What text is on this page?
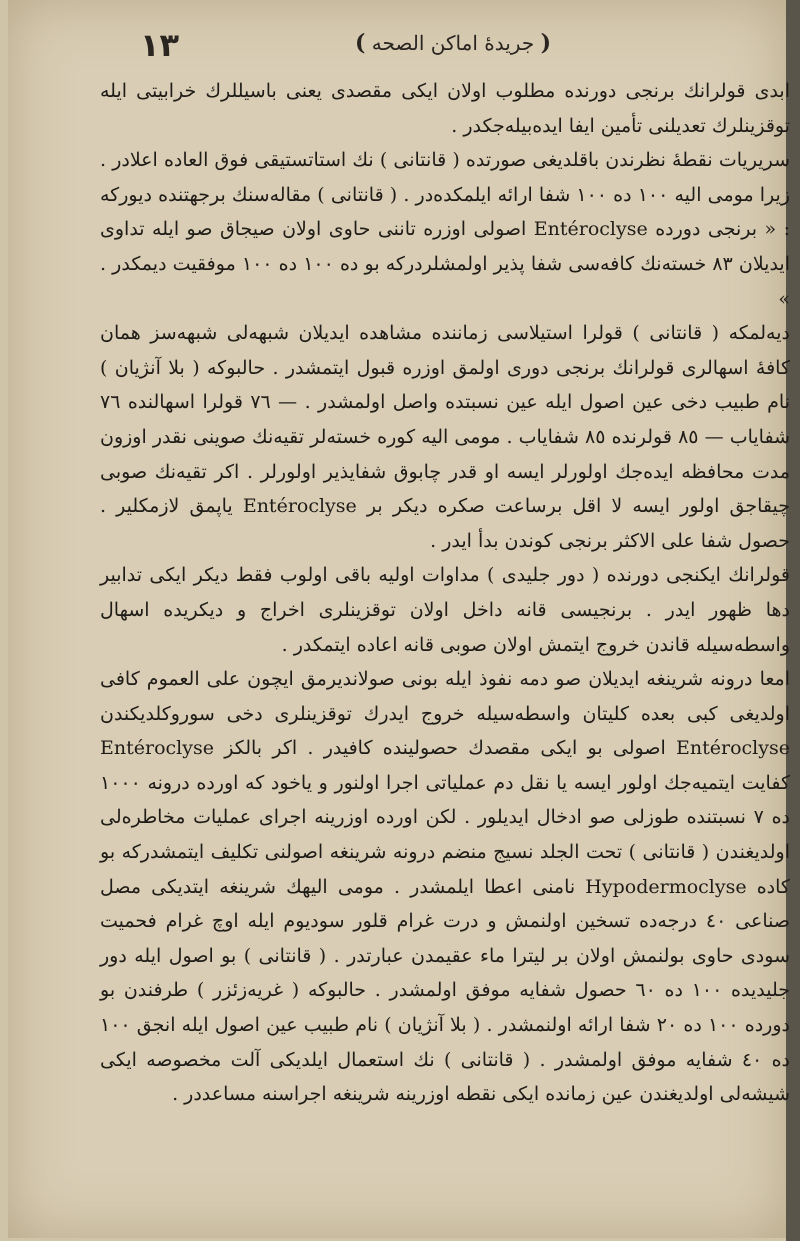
١٣	( جريدهٔ اماكن الصحه )

ابدی قولرانك برنجی دورنده مطلوب اولان ایکی مقصدی یعنی باسیللرك خرابیتی ایله توقزینلرك تعدیلنی تأمین ایفا ایده‌بیله‌جکدر .

سریریات نقطهٔ نظرندن باقلدیغی صورتده ( قانتانی ) نك استاتستیقی فوق العاده اعلادر . زیرا مومی الیه ١٠٠ ده ١٠٠ شفا ارائه ایلمکده‌در . ( قانتانی ) مقاله‌سنك برجهتنده دیورکه : « برنجی دورده Entéroclyse اصولی اوزره تاننی حاوی اولان صیجاق صو ایله تداوی ایدیلان ٨٣ خسته‌نك کافه‌سی شفا پذیر اولمشلردرکه بو ده ١٠٠ ده ١٠٠ موفقیت دیمکدر . »

دیه‌لمکه ( قانتانی ) قولرا استیلاسی زماننده مشاهده ایدیلان شبهه‌لی شبهه‌سز همان کافهٔ اسهالری قولرانك برنجی دوری اولمق اوزره قبول ایتمشدر . حالبوکه ( بلا آنژیان ) نام طبیب دخی عین اصول ایله عین نسبتده واصل اولمشدر . — ٧٦ قولرا اسهالنده ٧٦ شفایاب — ٨٥ قولرنده ٨٥ شفایاب . مومی الیه کوره خسته‌لر تقیه‌نك صوینی نقدر اوزون مدت محافظه ایده‌جك اولورلر ایسه او قدر چابوق شفایذیر اولورلر . اکر تقیه‌نك صوبی چیقاجق اولور ایسه لا اقل برساعت صکره دیکر بر Entéroclyse یاپمق لازمکلیر . حصول شفا علی الاکثر برنجی کوندن بدأ ایدر .

قولرانك ایکنجی دورنده ( دور جلیدی ) مداوات اولیه باقی اولوب فقط دیکر ایکی تدابیر دها ظهور ایدر . برنجیسی قانه داخل اولان توقزینلری اخراج و دیکریده اسهال واسطه‌سیله قاندن خروج ایتمش اولان صوبی قانه اعاده ایتمکدر .

امعا درونه شرینغه ایدیلان صو دمه نفوذ ایله بونی صولاندیرمق ایچون علی العموم کافی اولدیغی کبی بعده کلیتان واسطه‌سیله خروج ایدرك توقزینلری دخی سوروکلدیکندن Entéroclyse اصولی بو ایکی مقصدك حصولینده کافیدر . اکر بالکز Entéroclyse کفایت ایتمیه‌جك اولور ایسه یا نقل دم عملیاتی اجرا اولنور و یاخود که اورده درونه ١٠٠٠ ده ٧ نسبتنده طوزلی صو ادخال ایدیلور . لکن اورده اوزرینه اجرای عملیات مخاطره‌لی اولدیغندن ( قانتانی ) تحت الجلد نسیج منضم درونه شرینغه اصولنی تکلیف ایتمشدرکه بو کاده Hypodermoclyse نامنی اعطا ایلمشدر . مومی الیهك شرینغه ایتدیکی مصل صناعی ٤٠ درجه‌ده تسخین اولنمش و درت غرام قلور سودیوم ایله اوچ غرام فحمیت سودی حاوی بولنمش اولان بر لیترا ماء عقیمدن عبارتدر . ( قانتانی ) بو اصول ایله دور جلیدیده ١٠٠ ده ٦٠ حصول شفایه موفق اولمشدر . حالبوکه ( غریه‌زئزر ) طرفندن بو دورده ١٠٠ ده ٢٠ شفا ارائه اولنمشدر . ( بلا آنژیان ) نام طبیب عین اصول ایله انجق ١٠٠ ده ٤٠ شفایه موفق اولمشدر . ( قانتانی ) نك استعمال ایلدیکی آلت مخصوصه ایکی شیشه‌لی اولدیغندن عین زمانده ایکی نقطه اوزرینه شرینغه اجراسنه مساعددر .
